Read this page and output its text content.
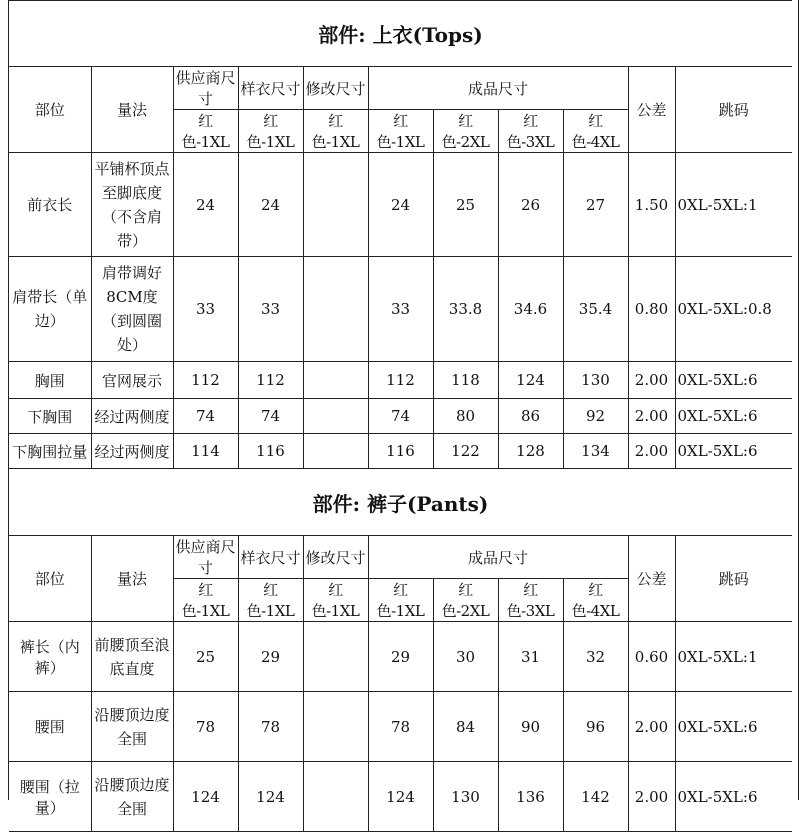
部件: 上衣(Tops)										
部位	量法	供应商尺寸	样衣尺寸	修改尺寸	成品尺寸				公差	跳码
		红色-1XL	红色-1XL	红色-1XL	红色-1XL	红色-2XL	红色-3XL	红色-4XL		
前衣长	平铺杯顶点至脚底度（不含肩带）	24	24		24	25	26	27	1.50	0XL-5XL:1
肩带长（单边）	肩带调好8CM度（到圆圈处）	33	33		33	33.8	34.6	35.4	0.80	0XL-5XL:0.8
胸围	官网展示	112	112		112	118	124	130	2.00	0XL-5XL:6
下胸围	经过两侧度	74	74		74	80	86	92	2.00	0XL-5XL:6
下胸围拉量	经过两侧度	114	116		116	122	128	134	2.00	0XL-5XL:6
部件: 裤子(Pants)										
部位	量法	供应商尺寸	样衣尺寸	修改尺寸	成品尺寸				公差	跳码
		红色-1XL	红色-1XL	红色-1XL	红色-1XL	红色-2XL	红色-3XL	红色-4XL		
裤长（内裤）	前腰顶至浪底直度	25	29		29	30	31	32	0.60	0XL-5XL:1
腰围	沿腰顶边度全围	78	78		78	84	90	96	2.00	0XL-5XL:6
腰围（拉量）	沿腰顶边度全围	124	124		124	130	136	142	2.00	0XL-5XL:6
